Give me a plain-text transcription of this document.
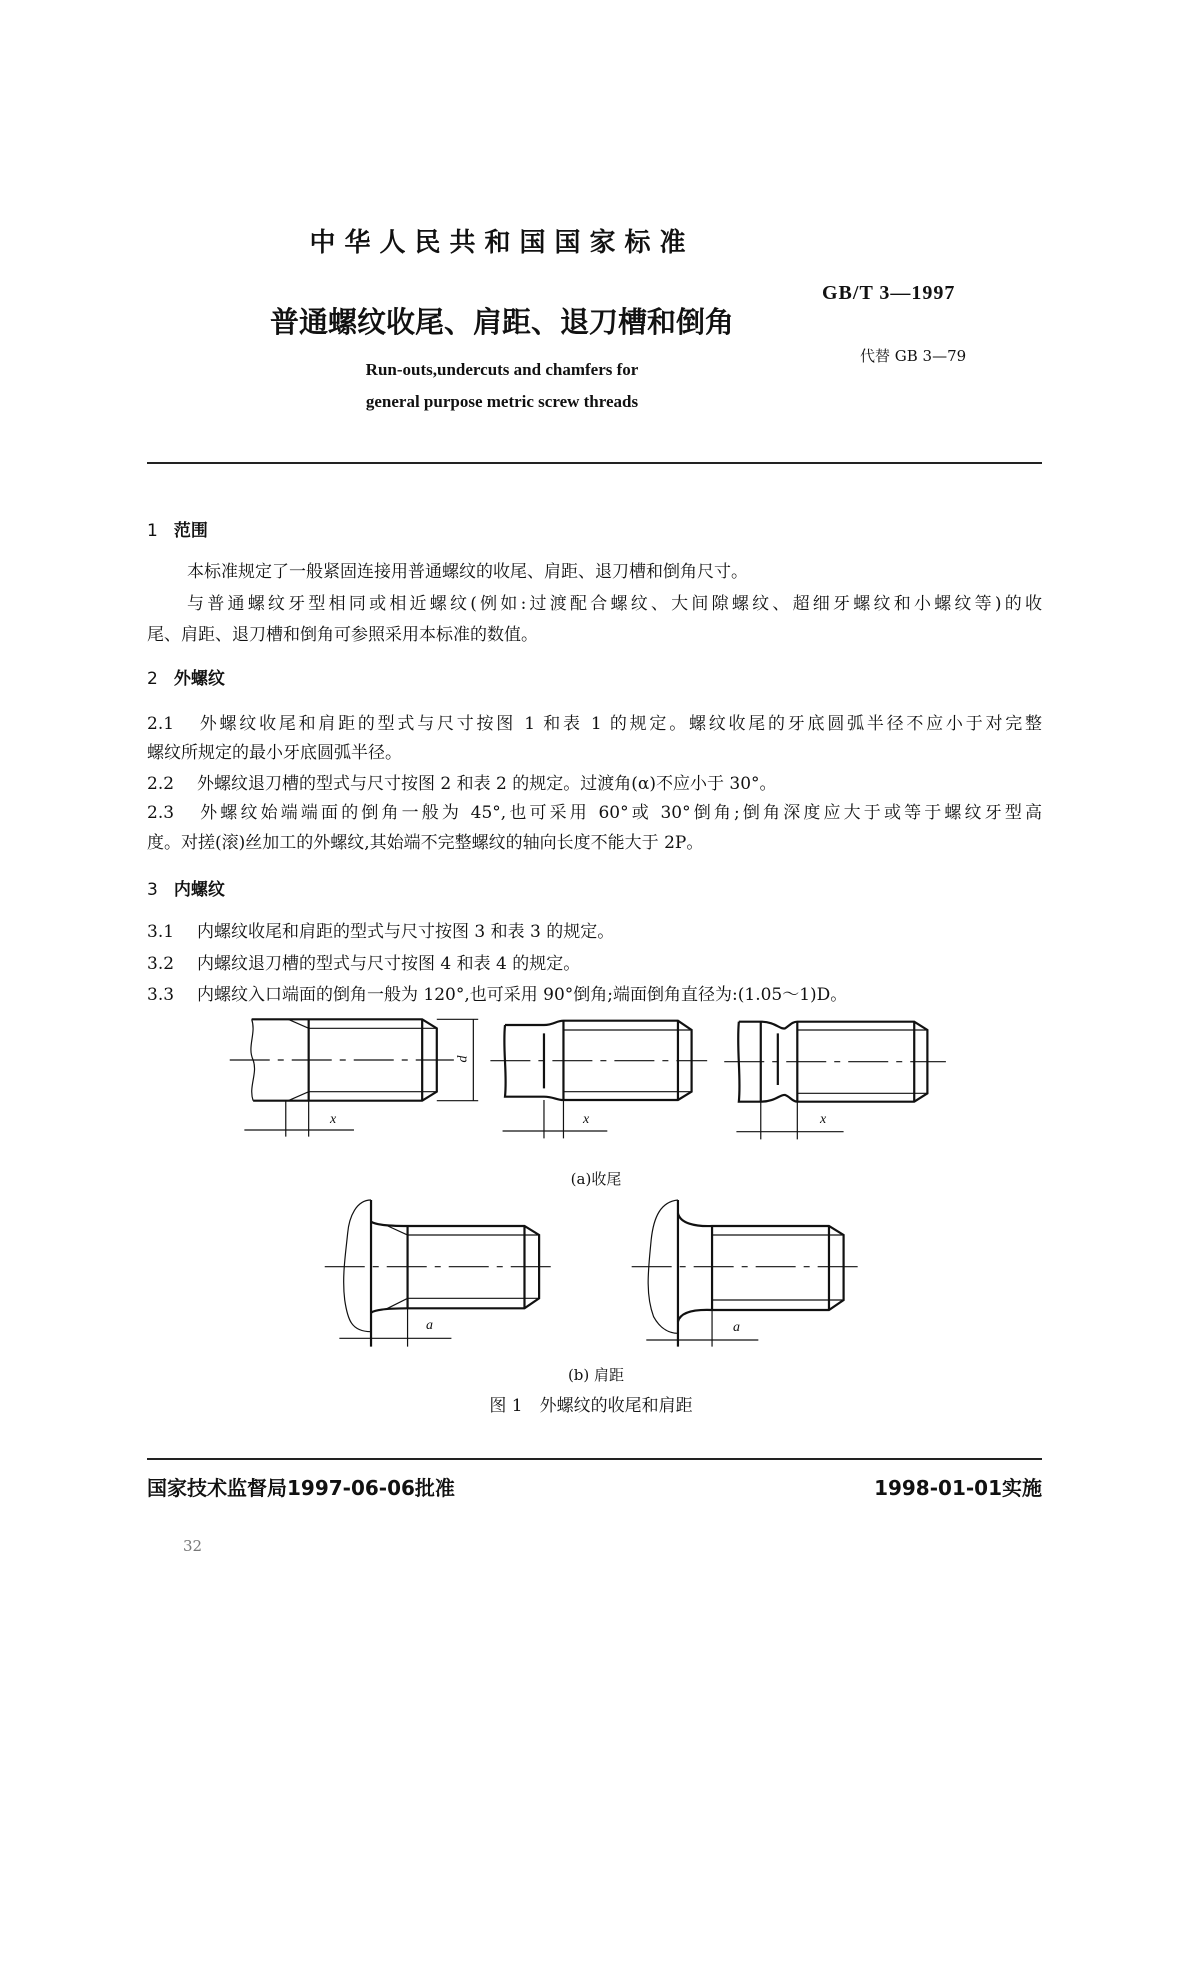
中华人民共和国国家标准
GB/T 3—1997
普通螺纹收尾、肩距、退刀槽和倒角
代替 GB 3—79
Run-outs,undercuts and chamfers for
general purpose metric screw threads
1 范围
本标准规定了一般紧固连接用普通螺纹的收尾、肩距、退刀槽和倒角尺寸。
与普通螺纹牙型相同或相近螺纹(例如:过渡配合螺纹、大间隙螺纹、超细牙螺纹和小螺纹等)的收
尾、肩距、退刀槽和倒角可参照采用本标准的数值。
2 外螺纹
2.1 外螺纹收尾和肩距的型式与尺寸按图 1 和表 1 的规定。螺纹收尾的牙底圆弧半径不应小于对完整
螺纹所规定的最小牙底圆弧半径。
2.2 外螺纹退刀槽的型式与尺寸按图 2 和表 2 的规定。过渡角(α)不应小于 30°。
2.3 外螺纹始端端面的倒角一般为 45°,也可采用 60°或 30°倒角;倒角深度应大于或等于螺纹牙型高
度。对搓(滚)丝加工的外螺纹,其始端不完整螺纹的轴向长度不能大于 2P。
3 内螺纹
3.1 内螺纹收尾和肩距的型式与尺寸按图 3 和表 3 的规定。
3.2 内螺纹退刀槽的型式与尺寸按图 4 和表 4 的规定。
3.3 内螺纹入口端面的倒角一般为 120°,也可采用 90°倒角;端面倒角直径为:(1.05～1)D。
d
x	x	x
(a)收尾
a	a
(b) 肩距
图 1　外螺纹的收尾和肩距
国家技术监督局1997-06-06批准	1998-01-01实施
32
